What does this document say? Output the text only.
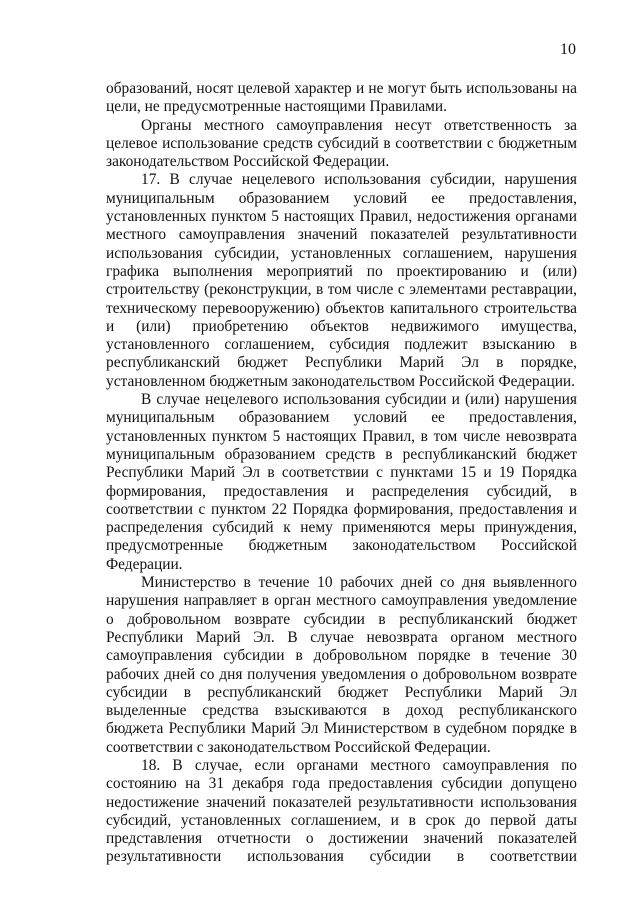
10

образований, носят целевой характер и не могут быть использованы на цели, не предусмотренные настоящими Правилами.

Органы местного самоуправления несут ответственность за целевое использование средств субсидий в соответствии с бюджетным законодательством Российской Федерации.

17. В случае нецелевого использования субсидии, нарушения муниципальным образованием условий ее предоставления, установленных пунктом 5 настоящих Правил, недостижения органами местного самоуправления значений показателей результативности использования субсидии, установленных соглашением, нарушения графика выполнения мероприятий по проектированию и (или) строительству (реконструкции, в том числе с элементами реставрации, техническому перевооружению) объектов капитального строительства и (или) приобретению объектов недвижимого имущества, установленного соглашением, субсидия подлежит взысканию в республиканский бюджет Республики Марий Эл в порядке, установленном бюджетным законодательством Российской Федерации.

В случае нецелевого использования субсидии и (или) нарушения муниципальным образованием условий ее предоставления, установленных пунктом 5 настоящих Правил, в том числе невозврата муниципальным образованием средств в республиканский бюджет Республики Марий Эл в соответствии с пунктами 15 и 19 Порядка формирования, предоставления и распределения субсидий, в соответствии с пунктом 22 Порядка формирования, предоставления и распределения субсидий к нему применяются меры принуждения, предусмотренные бюджетным законодательством Российской Федерации.

Министерство в течение 10 рабочих дней со дня выявленного нарушения направляет в орган местного самоуправления уведомление о добровольном возврате субсидии в республиканский бюджет Республики Марий Эл. В случае невозврата органом местного самоуправления субсидии в добровольном порядке в течение 30 рабочих дней со дня получения уведомления о добровольном возврате субсидии в республиканский бюджет Республики Марий Эл выделенные средства взыскиваются в доход республиканского бюджета Республики Марий Эл Министерством в судебном порядке в соответствии с законодательством Российской Федерации.

18. В случае, если органами местного самоуправления по состоянию на 31 декабря года предоставления субсидии допущено недостижение значений показателей результативности использования субсидий, установленных соглашением, и в срок до первой даты представления отчетности о достижении значений показателей результативности использования субсидии в соответствии
